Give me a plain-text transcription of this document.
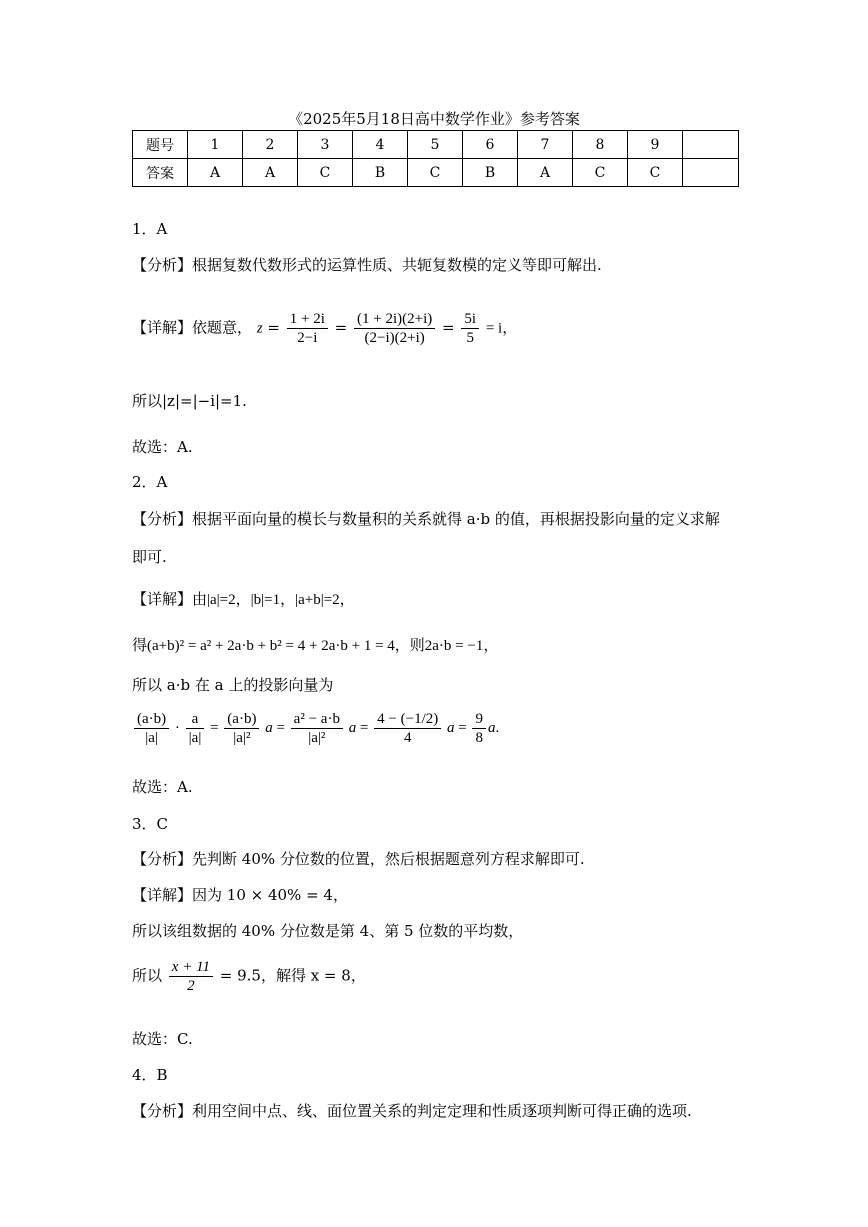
《2025年5月18日高中数学作业》参考答案
题号	1	2	3	4	5	6	7	8	9	
答案	A	A	C	B	C	B	A	C	C	
1．A
【分析】根据复数代数形式的运算性质、共轭复数模的定义等即可解出.
【详解】依题意， $z = \frac{1 + 2i}{2-i} = \frac{(1 + 2i)(2+i)}{(2-i)(2+i)} = \frac{5i}{5} = i$，
所以|z|=|−i|=1.
故选：A.
2．A
【分析】根据平面向量的模长与数量积的关系就得 a·b 的值，再根据投影向量的定义求解
即可.
【详解】由|a|=2，|b|=1，|a+b|=2，
得(a+b)² = a² + 2a·b + b² = 4 + 2a·b + 1 = 4，则2a·b = −1，
所以 a·b 在 a 上的投影向量为
$\frac{(a\cdot b)}{|a|} \cdot \frac{a}{|a|} = \frac{(a\cdot b)}{\text{|a|²}}$ $a = \frac{\text{a² − a·b}}{\text{|a|²}}$ $a = \frac{4 - (-1/2)}{4}$ $a = \frac{9}{8} a$.
故选：A.
3．C
【分析】先判断 40% 分位数的位置，然后根据题意列方程求解即可.
【详解】因为 10 × 40% = 4，
所以该组数据的 40% 分位数是第 4、第 5 位数的平均数，
所以 $\frac{x + 11}{2} = 9.5$，解得 x = 8，
故选：C.
4．B
【分析】利用空间中点、线、面位置关系的判定定理和性质逐项判断可得正确的选项.
